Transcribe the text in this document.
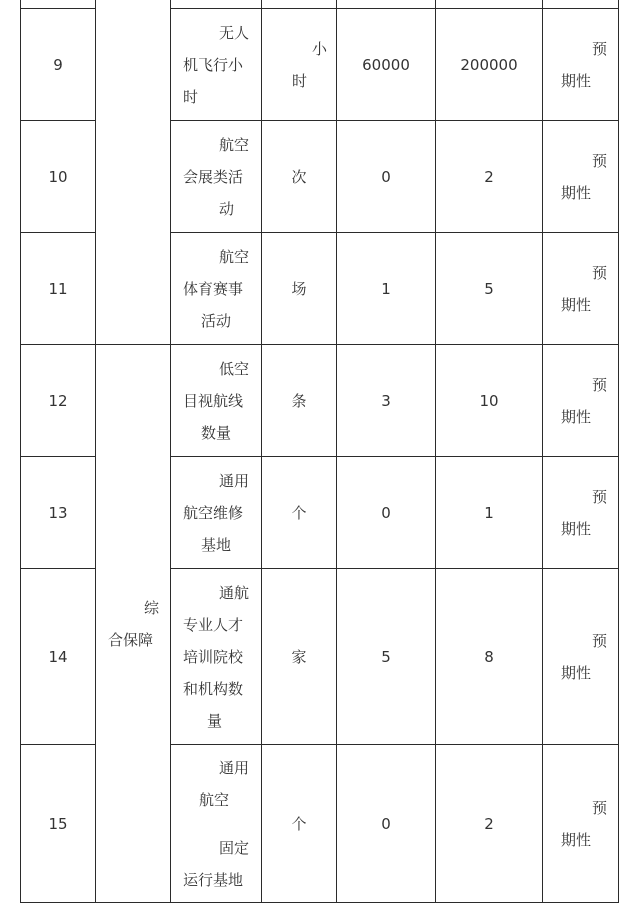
9		无人
机飞行小
时	小
时	60000	200000	预
期性

10		航空
会展类活
动	次	0	2	预
期性

11		航空
体育赛事
活动	场	1	5	预
期性

12	综
合保障	低空
目视航线
数量	条	3	10	预
期性

13		通用
航空维修
基地	个	0	1	预
期性

14		通航
专业人才
培训院校
和机构数
量	家	5	8	预
期性

15		通用
航空
固定
运行基地	个	0	2	预
期性
